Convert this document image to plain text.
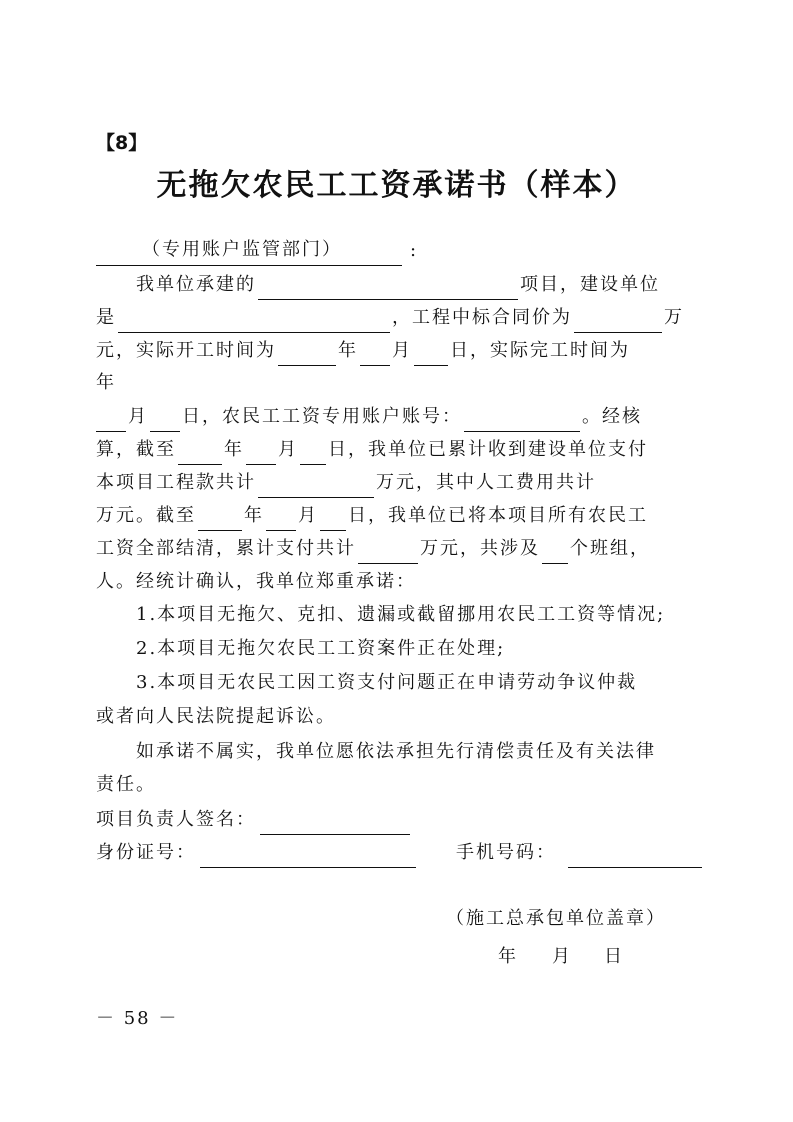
【8】
无拖欠农民工工资承诺书（样本）
（专用账户监管部门）	:
我单位承建的	项目，建设单位
是	，工程中标合同价为	万
元，实际开工时间为	年 月 日，实际完工时间为
年
月 日，农民工工资专用账户账号：	。经核
算，截至	年 月 日，我单位已累计收到建设单位支付
本项目工程款共计	万元，其中人工费用共计
万元。截至	年 月 日，我单位已将本项目所有农民工
工资全部结清，累计支付共计	万元，共涉及 个班组，
人。经统计确认，我单位郑重承诺：
1.本项目无拖欠、克扣、遗漏或截留挪用农民工工资等情况;
2.本项目无拖欠农民工工资案件正在处理;
3.本项目无农民工因工资支付问题正在申请劳动争议仲裁
或者向人民法院提起诉讼。
如承诺不属实，我单位愿依法承担先行清偿责任及有关法律
责任。
项目负责人签名：
身份证号：	手机号码：
（施工总承包单位盖章）
年 月 日
－ 58 －
